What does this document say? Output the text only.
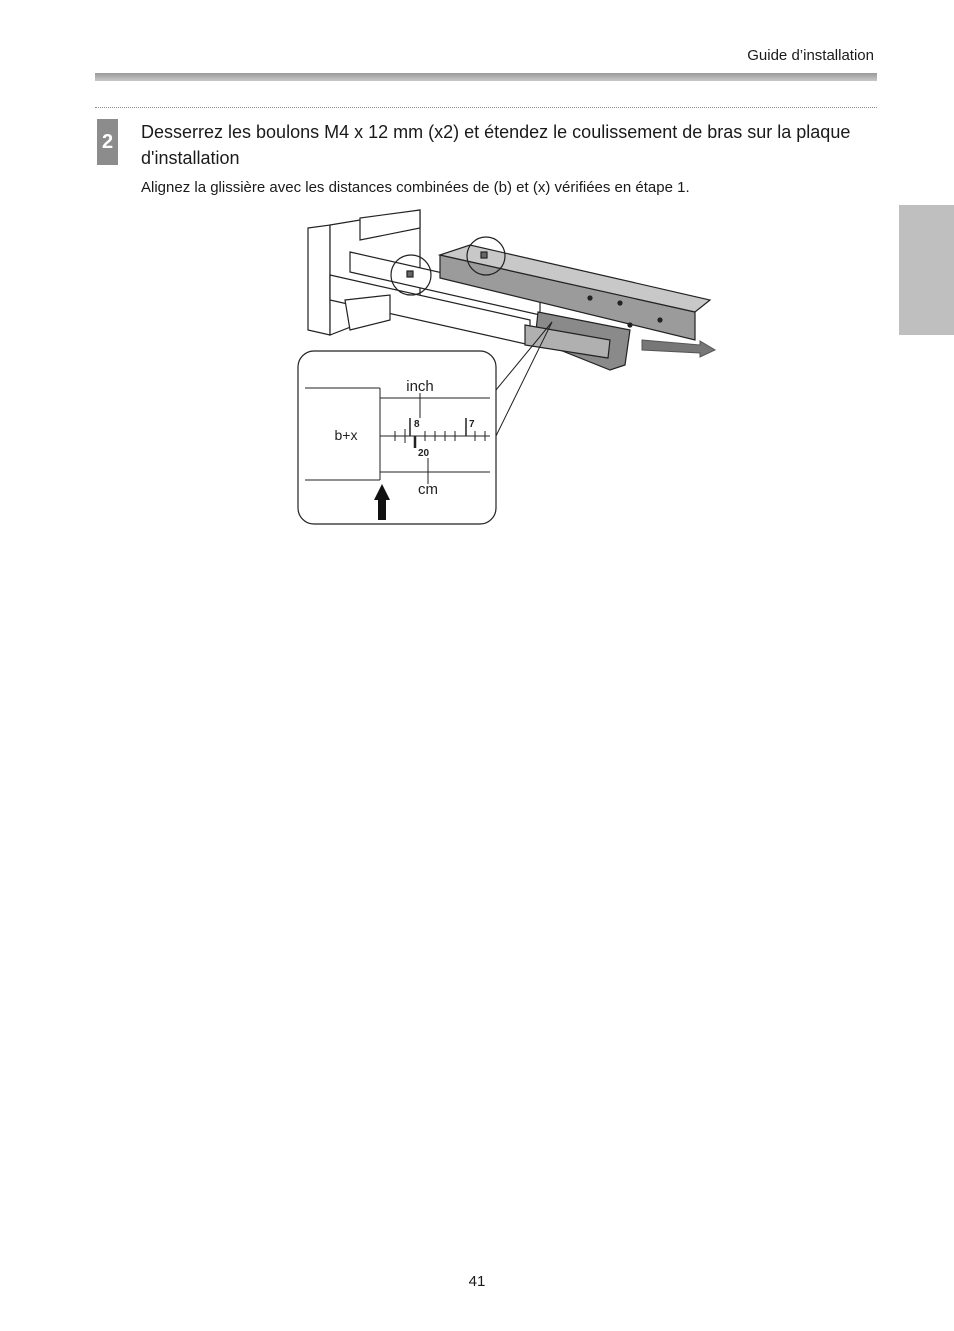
Guide d’installation
2 Desserrez les boulons M4 x 12 mm (x2) et étendez le coulissement de bras sur la plaque d'installation
Alignez la glissière avec les distances combinées de (b) et (x) vérifiées en étape 1.
inch
cm
b+x
8	7
20
41
